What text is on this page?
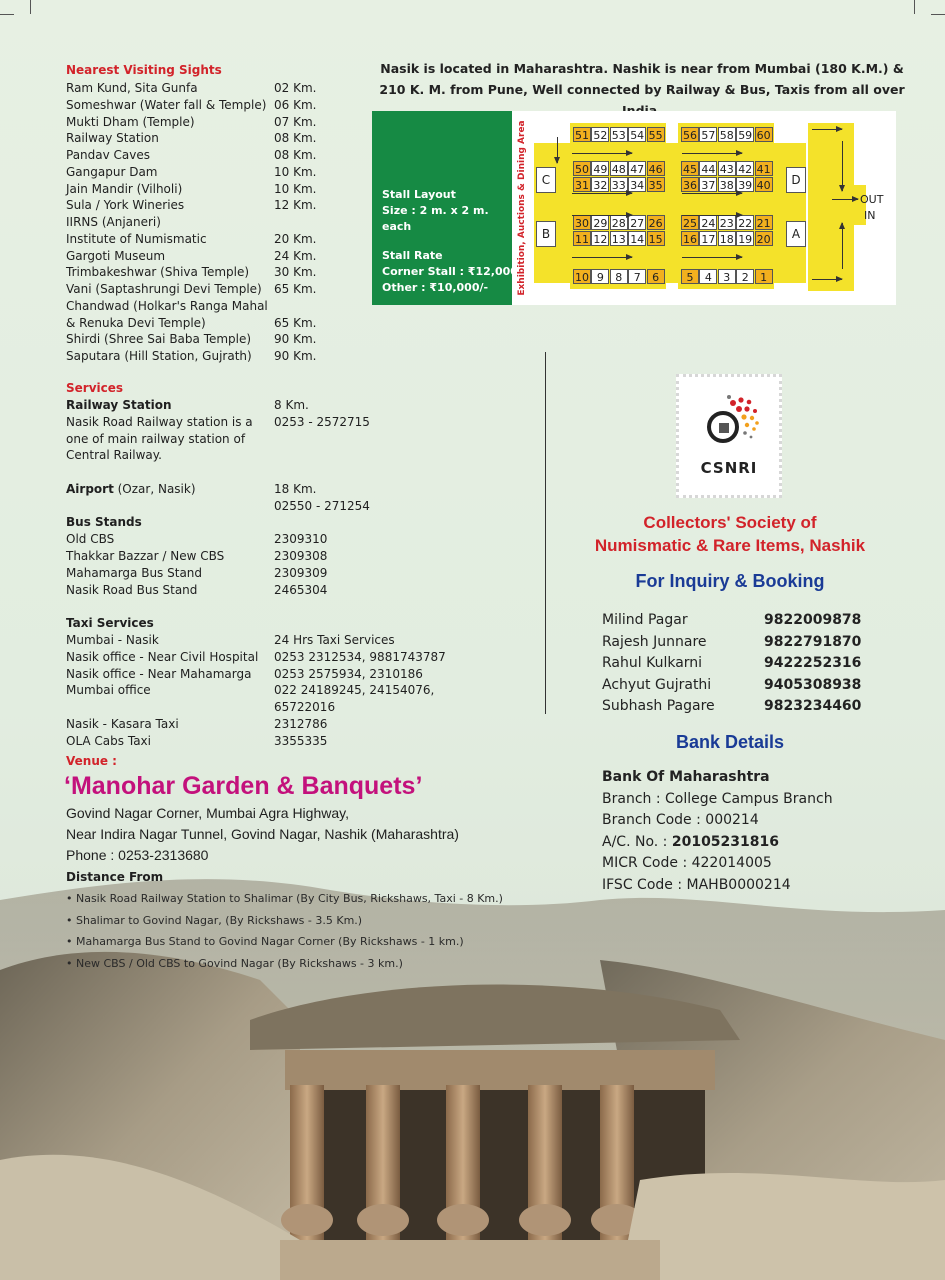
Nasik is located in Maharashtra. Nashik is near from Mumbai (180 K.M.) &
210 K. M. from Pune, Well connected by Railway & Bus, Taxis from all over
Nearest Visiting Sights
Ram Kund, Sita Gunfa	02 Km.
Someshwar (Water fall & Temple) 06 Km.
Mukti Dham (Temple)	07 Km.
Railway Station	08 Km.
Pandav Caves	08 Km.
Gangapur Dam	10 Km.
Jain Mandir (Vilholi)	10 Km.
Sula / York Wineries	12 Km.
IIRNS (Anjaneri)
Institute of Numismatic	20 Km.
Gargoti Museum	24 Km.
Trimbakeshwar (Shiva Temple) 30 Km.
Vani (Saptashrungi Devi Temple) 65 Km.
Chandwad (Holkar's Ranga Mahal
& Renuka Devi Temple)	65 Km.
Shirdi (Shree Sai Baba Temple) 90 Km.
Saputara (Hill Station, Gujrath) 90 Km.
Services
Railway Station	8 Km.
Nasik Road Railway station is a 0253 - 2572715
one of main railway station of
Central Railway.
Airport (Ozar, Nasik)	18 Km.
02550 - 271254
Bus Stands
Old CBS	2309310
Thakkar Bazzar / New CBS	2309308
Mahamarga Bus Stand	2309309
Nasik Road Bus Stand	2465304
Taxi Services
Mumbai - Nasik	24 Hrs Taxi Services
Nasik office - Near Civil Hospital 0253 2312534, 9881743787
Nasik office - Near Mahamarga 0253 2575934, 2310186
Mumbai office	022 24189245, 24154076,
65722016
Nasik - Kasara Taxi	2312786
OLA Cabs Taxi	3355335
Stall Layout
Size : 2 m. x 2 m.
each
Stall Rate
Corner Stall : ₹12,000/-
Other : ₹10,000/-	Exhibition, Auctions & Dining Area	51 52 53 54 55 56 57 58 59 60
50 49 48 47 46 45 44 43 42 41
31 32 33 34 35 36 37 38 39 40
30 29 28 27 26 25 24 23 22 21
11 12 13 14 15 16 17 18 19 20
10 9	8	7	6	5	4	3	2	1
C
B
D
A
OUT
IN
CSNRI
Collectors' Society of
Numismatic & Rare Items, Nashik
For Inquiry & Booking
Milind Pagar	9822009878
Rajesh Junnare	9822791870
Rahul Kulkarni	9422252316
Achyut Gujrathi	9405308938
Subhash Pagare	9823234460
Bank Details
Bank Of Maharashtra
Branch : College Campus Branch
Branch Code : 000214
A/C. No. : 20105231816
MICR Code : 422014005
IFSC Code : MAHB0000214
Venue :
‘Manohar Garden & Banquets’
Govind Nagar Corner, Mumbai Agra Highway,
Near Indira Nagar Tunnel, Govind Nagar, Nashik (Maharashtra)
Phone : 0253-2313680
Distance From
• Nasik Road Railway Station to Shalimar (By City Bus, Rickshaws, Taxi - 8 Km.)
• Shalimar to Govind Nagar, (By Rickshaws - 3.5 Km.)
• Mahamarga Bus Stand to Govind Nagar Corner (By Rickshaws - 1 km.)
• New CBS / Old CBS to Govind Nagar (By Rickshaws - 3 km.)
